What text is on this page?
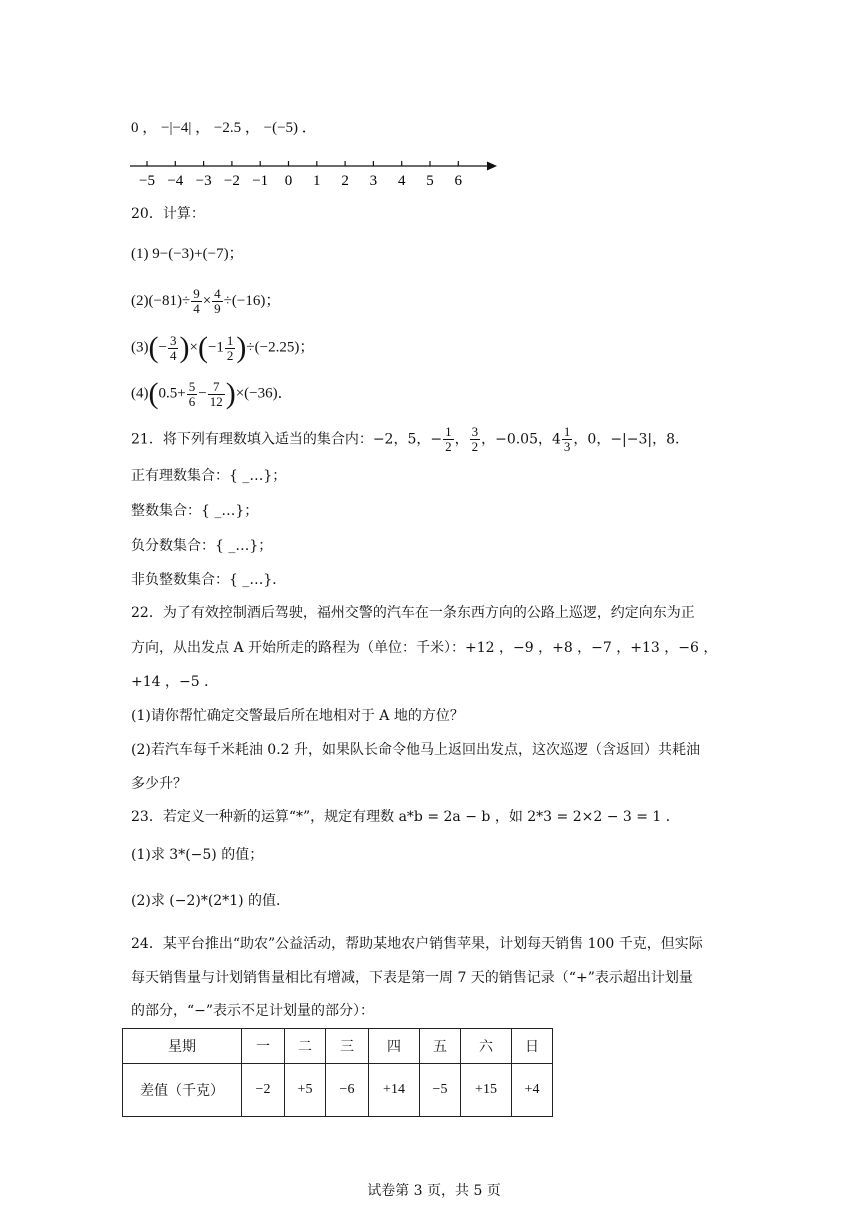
0 ， −|−4| ， −2.5 ， −(−5) ．
−5 −4 −3 −2 −1 0 1 2 3 4 5 6
20．计算：
(1) 9−(−3)+(−7)；
$(2)(-81)\div \frac{9}{4} \times \frac{4}{9} \div(-16)$；
$(3)(- \frac{3}{4} )\times(-1 \frac{1}{2} )\div(-2.25)$；
$(4)(0.5+ \frac{5}{6} - \frac{7}{12} )\times(-36)$．
21．将下列有理数填入适当的集合内：−2，5，− $\frac{1}{2}$ ， $\frac{3}{2}$ ，−0.05，$4 \frac{1}{3}$ ，0，−|−3|，8．
正有理数集合：{ _…}；
整数集合：{ _…}；
负分数集合：{ _…}；
非负整数集合：{ _…}．
22．为了有效控制酒后驾驶，福州交警的汽车在一条东西方向的公路上巡逻，约定向东为正
方向，从出发点 A 开始所走的路程为（单位：千米）：+12 ，−9 ，+8 ，−7 ，+13 ，−6 ，
+14 ，−5 ．
(1)请你帮忙确定交警最后所在地相对于 A 地的方位？
(2)若汽车每千米耗油 0.2 升，如果队长命令他马上返回出发点，这次巡逻（含返回）共耗油
多少升？
23．若定义一种新的运算“*”，规定有理数 a*b = 2a − b ，如 2*3 = 2×2 − 3 = 1 ．
(1)求 3*(−5) 的值；
(2)求 (−2)*(2*1) 的值．
24．某平台推出“助农”公益活动，帮助某地农户销售苹果，计划每天销售 100 千克，但实际
每天销售量与计划销售量相比有增减，下表是第一周 7 天的销售记录（“+”表示超出计划量
的部分，“−”表示不足计划量的部分）：
星期	一	二	三	四	五	六	日
差值（千克）	−2	+5	−6	+14	−5	+15	+4
试卷第 3 页，共 5 页
